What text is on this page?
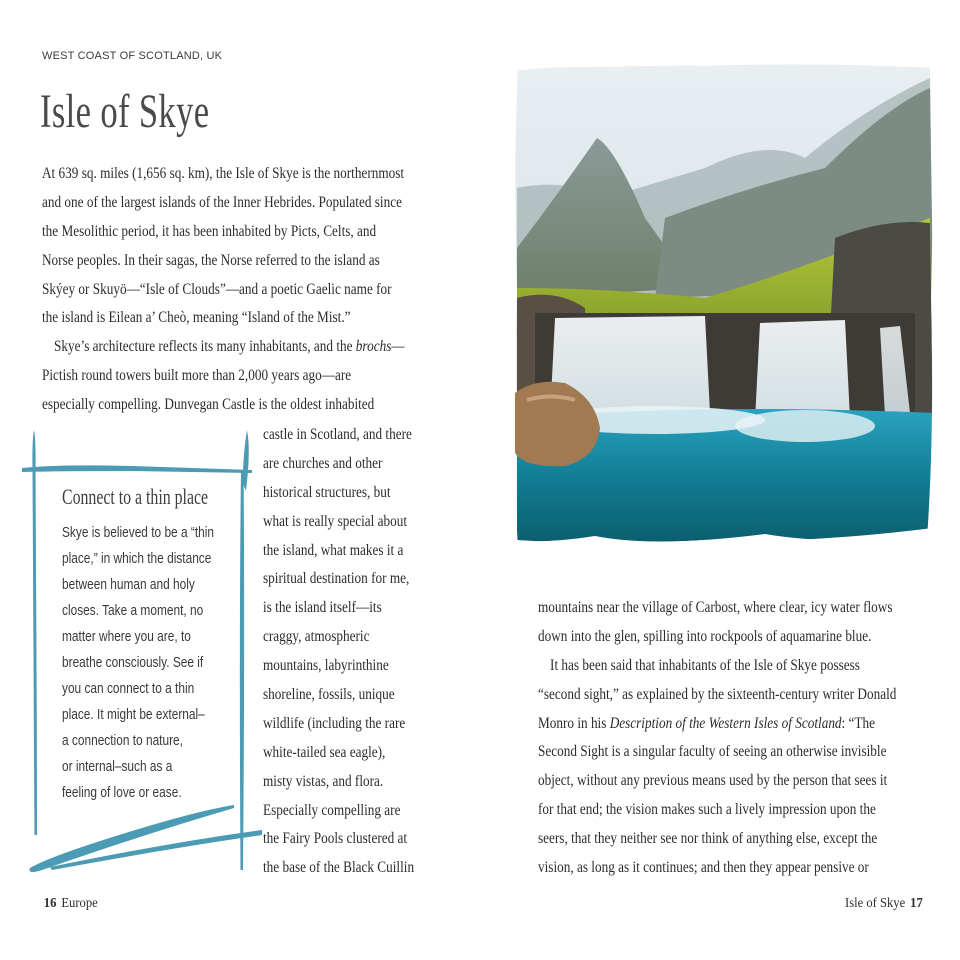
WEST COAST OF SCOTLAND, UK
Isle of Skye
At 639 sq. miles (1,656 sq. km), the Isle of Skye is the northernmost
and one of the largest islands of the Inner Hebrides. Populated since
the Mesolithic period, it has been inhabited by Picts, Celts, and
Norse peoples. In their sagas, the Norse referred to the island as
Skýey or Skuyö—“Isle of Clouds”—and a poetic Gaelic name for
the island is Eilean a’ Cheò, meaning “Island of the Mist.”
Skye’s architecture reflects its many inhabitants, and the brochs—
Pictish round towers built more than 2,000 years ago—are
especially compelling. Dunvegan Castle is the oldest inhabited
castle in Scotland, and there
are churches and other
historical structures, but
what is really special about
the island, what makes it a
spiritual destination for me,
is the island itself—its
craggy, atmospheric
mountains, labyrinthine
shoreline, fossils, unique
wildlife (including the rare
white-tailed sea eagle),
misty vistas, and flora.
Especially compelling are
the Fairy Pools clustered at
the base of the Black Cuillin
Connect to a thin place
Skye is believed to be a “thin
place,” in which the distance
between human and holy
closes. Take a moment, no
matter where you are, to
breathe consciously. See if
you can connect to a thin
place. It might be external–
a connection to nature,
or internal–such as a
feeling of love or ease.
mountains near the village of Carbost, where clear, icy water flows
down into the glen, spilling into rockpools of aquamarine blue.
It has been said that inhabitants of the Isle of Skye possess
“second sight,” as explained by the sixteenth-century writer Donald
Monro in his Description of the Western Isles of Scotland: “The
Second Sight is a singular faculty of seeing an otherwise invisible
object, without any previous means used by the person that sees it
for that end; the vision makes such a lively impression upon the
seers, that they neither see nor think of anything else, except the
vision, as long as it continues; and then they appear pensive or
16 Europe	Isle of Skye 17
